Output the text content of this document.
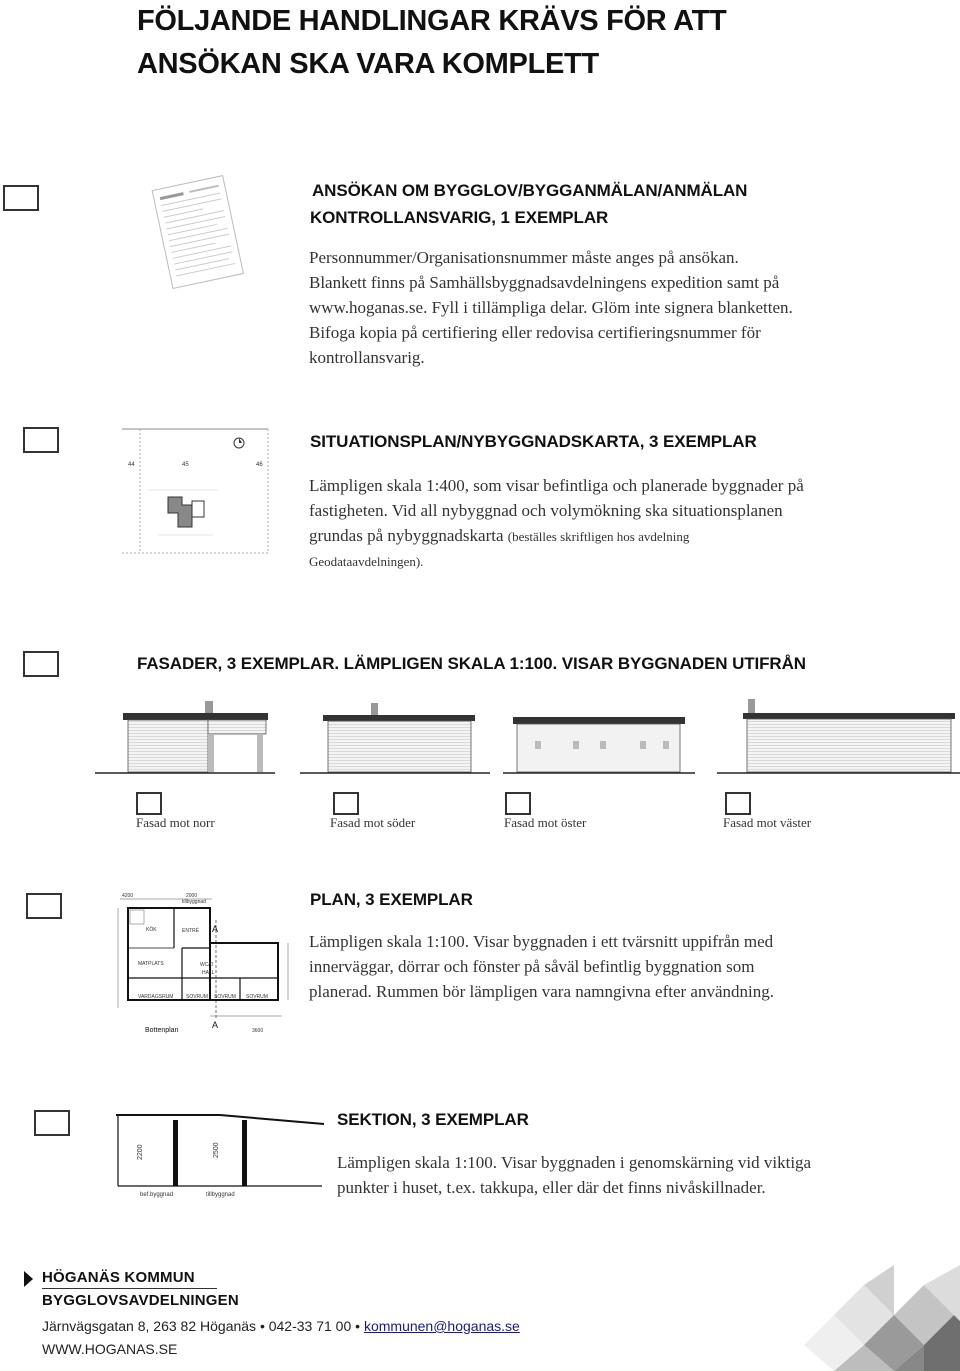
FÖLJANDE HANDLINGAR KRÄVS FÖR ATT
ANSÖKAN SKA VARA KOMPLETT
ANSÖKAN OM BYGGLOV/BYGGANMÄLAN/ANMÄLAN
KONTROLLANSVARIG, 1 EXEMPLAR
Personnummer/Organisationsnummer måste anges på ansökan.
Blankett finns på Samhällsbyggnadsavdelningens expedition samt på
www.hoganas.se. Fyll i tillämpliga delar. Glöm inte signera blanketten.
Bifoga kopia på certifiering eller redovisa certifieringsnummer för
kontrollansvarig.
44	45	46
SITUATIONSPLAN/NYBYGGNADSKARTA, 3 EXEMPLAR
Lämpligen skala 1:400, som visar befintliga och planerade byggnader på
fastigheten. Vid all nybyggnad och volymökning ska situationsplanen
grundas på nybyggnadskarta (beställes skriftligen hos avdelning
Geodataavdelningen).
FASADER, 3 EXEMPLAR. LÄMPLIGEN SKALA 1:100. VISAR BYGGNADEN UTIFRÅN
Fasad mot norr	Fasad mot söder	Fasad mot öster	Fasad mot väster
4200	2000
tillbyggnad
KÖK	ENTRÉ
MATPLATS	WC/D
HALL
VARDAGSRUM	SOVRUM SOVRUM SOVRUM
A
A
Bottenplan	3600
PLAN, 3 EXEMPLAR
Lämpligen skala 1:100. Visar byggnaden i ett tvärsnitt uppifrån med
innerväggar, dörrar och fönster på såväl befintlig byggnation som
planerad. Rummen bör lämpligen vara namngivna efter användning.
2200	2500
bef.byggnad	tillbyggnad
SEKTION, 3 EXEMPLAR
Lämpligen skala 1:100. Visar byggnaden i genomskärning vid viktiga
punkter i huset, t.ex. takkupa, eller där det finns nivåskillnader.
HÖGANÄS KOMMUN
BYGGLOVSAVDELNINGEN
Järnvägsgatan 8, 263 82 Höganäs • 042-33 71 00 • kommunen@hoganas.se
WWW.HOGANAS.SE
